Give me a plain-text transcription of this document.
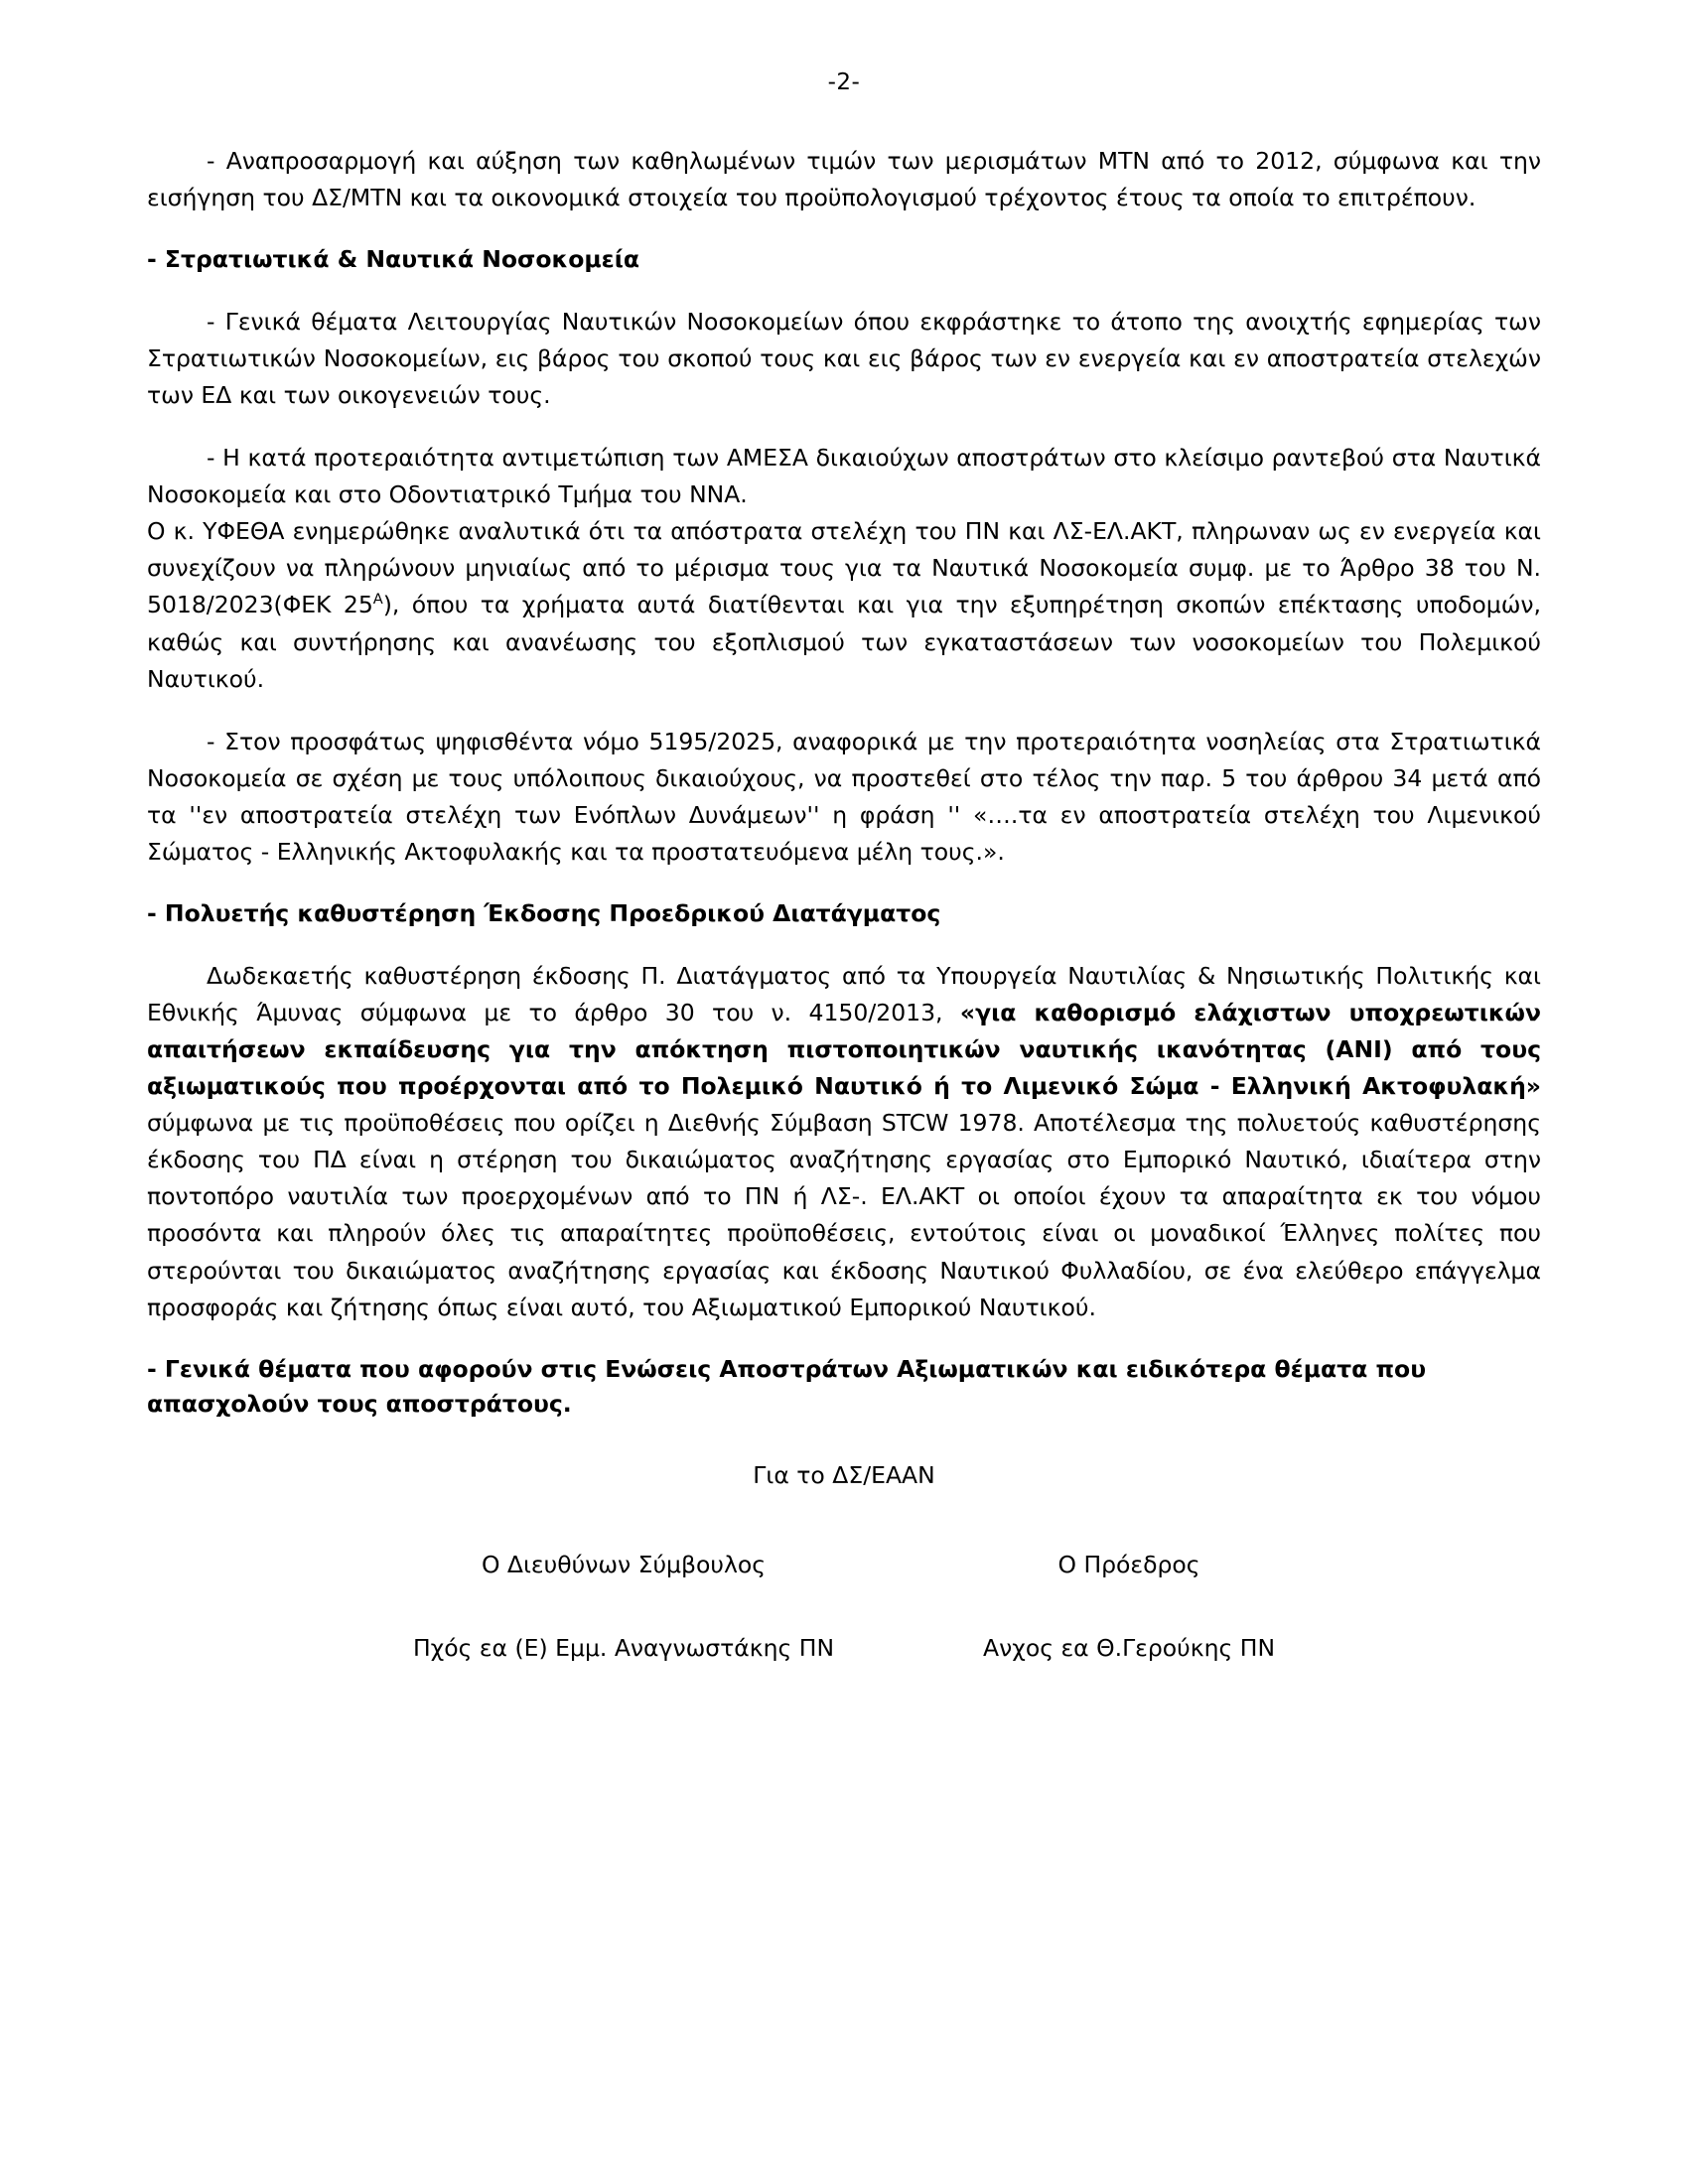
-2-

- Αναπροσαρμογή και αύξηση των καθηλωμένων τιμών των μερισμάτων ΜΤΝ από το 2012, σύμφωνα και την εισήγηση του ΔΣ/ΜΤΝ και τα οικονομικά στοιχεία του προϋπολογισμού τρέχοντος έτους τα οποία το επιτρέπουν.

- Στρατιωτικά & Ναυτικά Νοσοκομεία

- Γενικά θέματα Λειτουργίας Ναυτικών Νοσοκομείων όπου εκφράστηκε το άτοπο της ανοιχτής εφημερίας των Στρατιωτικών Νοσοκομείων, εις βάρος του σκοπού τους και εις βάρος των εν ενεργεία και εν αποστρατεία στελεχών των ΕΔ και των οικογενειών τους.

- Η κατά προτεραιότητα αντιμετώπιση των ΑΜΕΣΑ δικαιούχων αποστράτων στο κλείσιμο ραντεβού στα Ναυτικά Νοσοκομεία και στο Οδοντιατρικό Τμήμα του ΝΝΑ.

Ο κ. ΥΦΕΘΑ ενημερώθηκε αναλυτικά ότι τα απόστρατα στελέχη του ΠΝ και ΛΣ-ΕΛ.ΑΚΤ, πληρωναν ως εν ενεργεία και συνεχίζουν να πληρώνουν μηνιαίως από το μέρισμα τους για τα Ναυτικά Νοσοκομεία συμφ. με το Άρθρο 38 του Ν. 5018/2023(ΦΕΚ $25^A$), όπου τα χρήματα αυτά διατίθενται και για την εξυπηρέτηση σκοπών επέκτασης υποδομών, καθώς και συντήρησης και ανανέωσης του εξοπλισμού των εγκαταστάσεων των νοσοκομείων του Πολεμικού Ναυτικού.

- Στον προσφάτως ψηφισθέντα νόμο 5195/2025, αναφορικά με την προτεραιότητα νοσηλείας στα Στρατιωτικά Νοσοκομεία σε σχέση με τους υπόλοιπους δικαιούχους, να προστεθεί στο τέλος την παρ. 5 του άρθρου 34 μετά από τα ''εν αποστρατεία στελέχη των Ενόπλων Δυνάμεων'' η φράση '' «….τα εν αποστρατεία στελέχη του Λιμενικού Σώματος - Ελληνικής Ακτοφυλακής και τα προστατευόμενα μέλη τους.».

- Πολυετής καθυστέρηση Έκδοσης Προεδρικού Διατάγματος

Δωδεκαετής καθυστέρηση έκδοσης Π. Διατάγματος από τα Υπουργεία Ναυτιλίας & Νησιωτικής Πολιτικής και Εθνικής Άμυνας σύμφωνα με το άρθρο 30 του ν. 4150/2013, «για καθορισμό ελάχιστων υποχρεωτικών απαιτήσεων εκπαίδευσης για την απόκτηση πιστοποιητικών ναυτικής ικανότητας (ΑΝΙ) από τους αξιωματικούς που προέρχονται από το Πολεμικό Ναυτικό ή το Λιμενικό Σώμα - Ελληνική Ακτοφυλακή» σύμφωνα με τις προϋποθέσεις που ορίζει η Διεθνής Σύμβαση STCW 1978. Αποτέλεσμα της πολυετούς καθυστέρησης έκδοσης του ΠΔ είναι η στέρηση του δικαιώματος αναζήτησης εργασίας στο Εμπορικό Ναυτικό, ιδιαίτερα στην ποντοπόρο ναυτιλία των προερχομένων από το ΠΝ ή ΛΣ-. ΕΛ.ΑΚΤ οι οποίοι έχουν τα απαραίτητα εκ του νόμου προσόντα και πληρούν όλες τις απαραίτητες προϋποθέσεις, εντούτοις είναι οι μοναδικοί Έλληνες πολίτες που στερούνται του δικαιώματος αναζήτησης εργασίας και έκδοσης Ναυτικού Φυλλαδίου, σε ένα ελεύθερο επάγγελμα προσφοράς και ζήτησης όπως είναι αυτό, του Αξιωματικού Εμπορικού Ναυτικού.

- Γενικά θέματα που αφορούν στις Ενώσεις Αποστράτων Αξιωματικών και ειδικότερα θέματα που απασχολούν τους αποστράτους.

Για το ΔΣ/ΕΑΑΝ
Ο Διευθύνων Σύμβουλος
Πχός εα (Ε) Εμμ. Αναγνωστάκης ΠΝ
Ο Πρόεδρος
Ανχος εα Θ.Γερούκης ΠΝ
